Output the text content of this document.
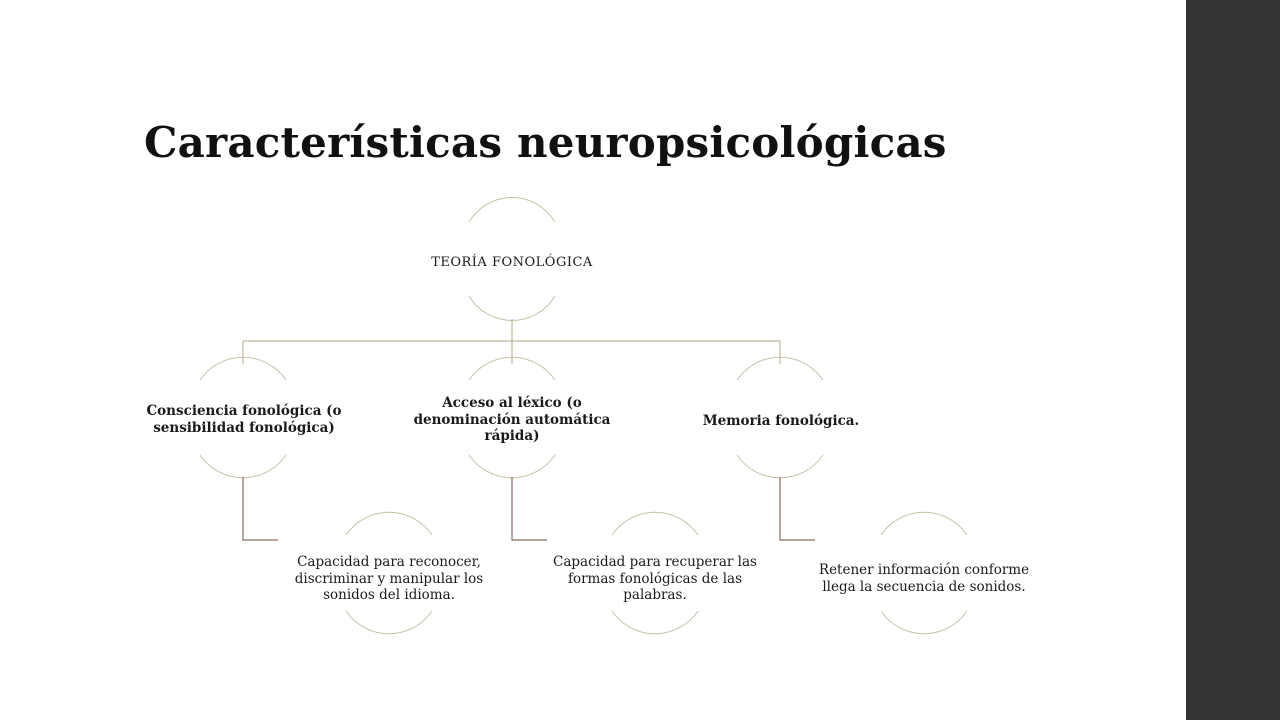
Características neuropsicológicas
TEORÍA FONOLÓGICA
Consciencia fonológica (o sensibilidad fonológica)
Acceso al léxico (o denominación automática rápida)
Memoria fonológica.
Capacidad para reconocer, discriminar y manipular los sonidos del idioma.
Capacidad para recuperar las formas fonológicas de las palabras.
Retener información conforme llega la secuencia de sonidos.
